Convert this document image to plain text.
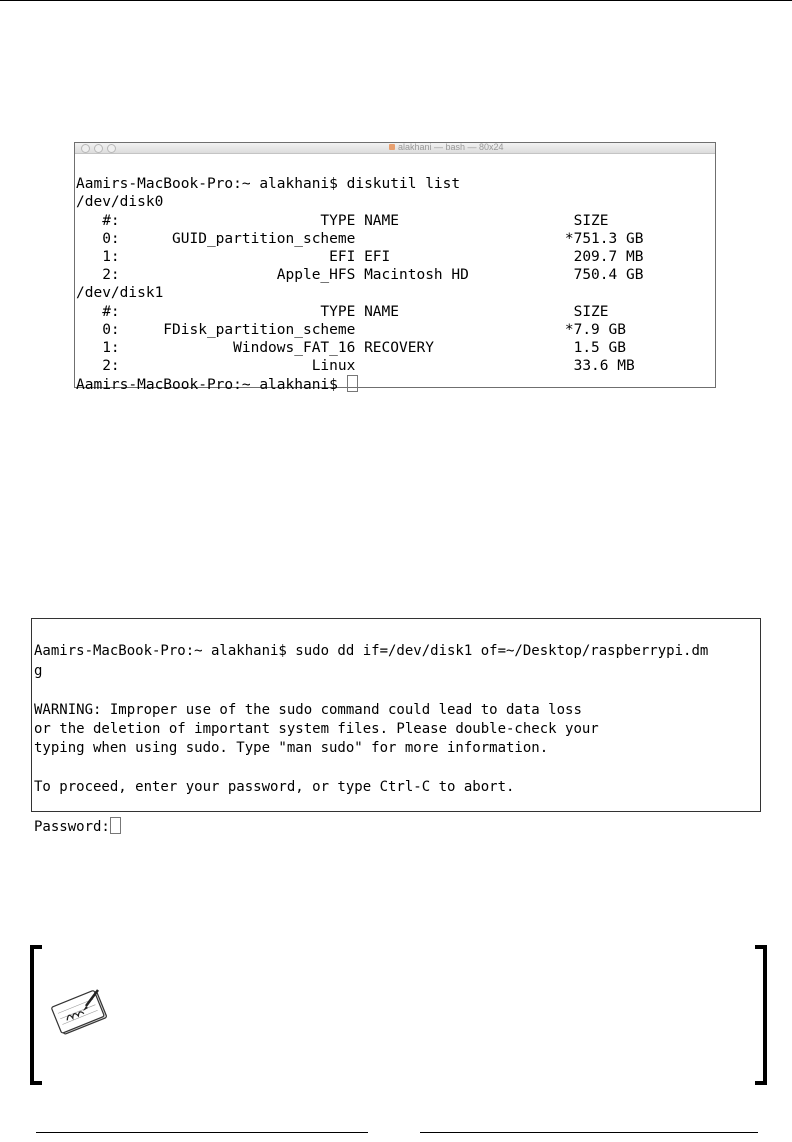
alakhani — bash — 80x24

Aamirs-MacBook-Pro:~ alakhani$ diskutil list
/dev/disk0
#:                       TYPE NAME                    SIZE
0:      GUID_partition_scheme                        *751.3 GB
1:                        EFI EFI                     209.7 MB
2:                  Apple_HFS Macintosh HD            750.4 GB
/dev/disk1
#:                       TYPE NAME                    SIZE
0:     FDisk_partition_scheme                        *7.9 GB
1:             Windows_FAT_16 RECOVERY                1.5 GB
2:                      Linux                         33.6 MB
Aamirs-MacBook-Pro:~ alakhani$

Aamirs-MacBook-Pro:~ alakhani$ sudo dd if=/dev/disk1 of=~/Desktop/raspberrypi.dm
g

WARNING: Improper use of the sudo command could lead to data loss
or the deletion of important system files. Please double-check your
typing when using sudo. Type "man sudo" for more information.

To proceed, enter your password, or type Ctrl-C to abort.

Password:
